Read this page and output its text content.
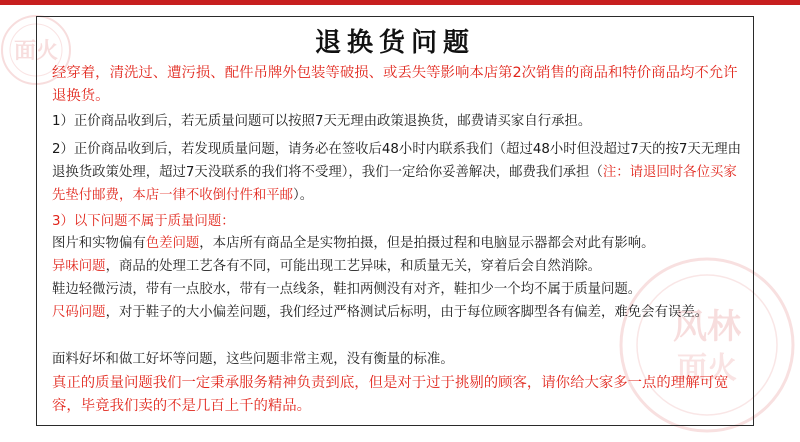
面火
风林
面火
退换货问题
经穿着，清洗过、遭污损、配件吊牌外包装等破损、或丢失等影响本店第2次销售的商品和特价商品均不允许退换货。
1）正价商品收到后，若无质量问题可以按照7天无理由政策退换货，邮费请买家自行承担。
2）正价商品收到后，若发现质量问题，请务必在签收后48小时内联系我们（超过48小时但没超过7天的按7天无理由退换货政策处理，超过7天没联系的我们将不受理），我们一定给你妥善解决，邮费我们承担（注：请退回时各位买家先垫付邮费，本店一律不收倒付件和平邮）。
3）以下问题不属于质量问题：
图片和实物偏有色差问题，本店所有商品全是实物拍摄，但是拍摄过程和电脑显示器都会对此有影响。
异味问题，商品的处理工艺各有不同，可能出现工艺异味，和质量无关，穿着后会自然消除。
鞋边轻微污渍，带有一点胶水，带有一点线条，鞋扣两侧没有对齐，鞋扣少一个均不属于质量问题。
尺码问题，对于鞋子的大小偏差问题，我们经过严格测试后标明，由于每位顾客脚型各有偏差，难免会有误差。
面料好坏和做工好坏等问题，这些问题非常主观，没有衡量的标准。
真正的质量问题我们一定秉承服务精神负责到底，但是对于过于挑剔的顾客，请你给大家多一点的理解可宽容，毕竟我们卖的不是几百上千的精品。
